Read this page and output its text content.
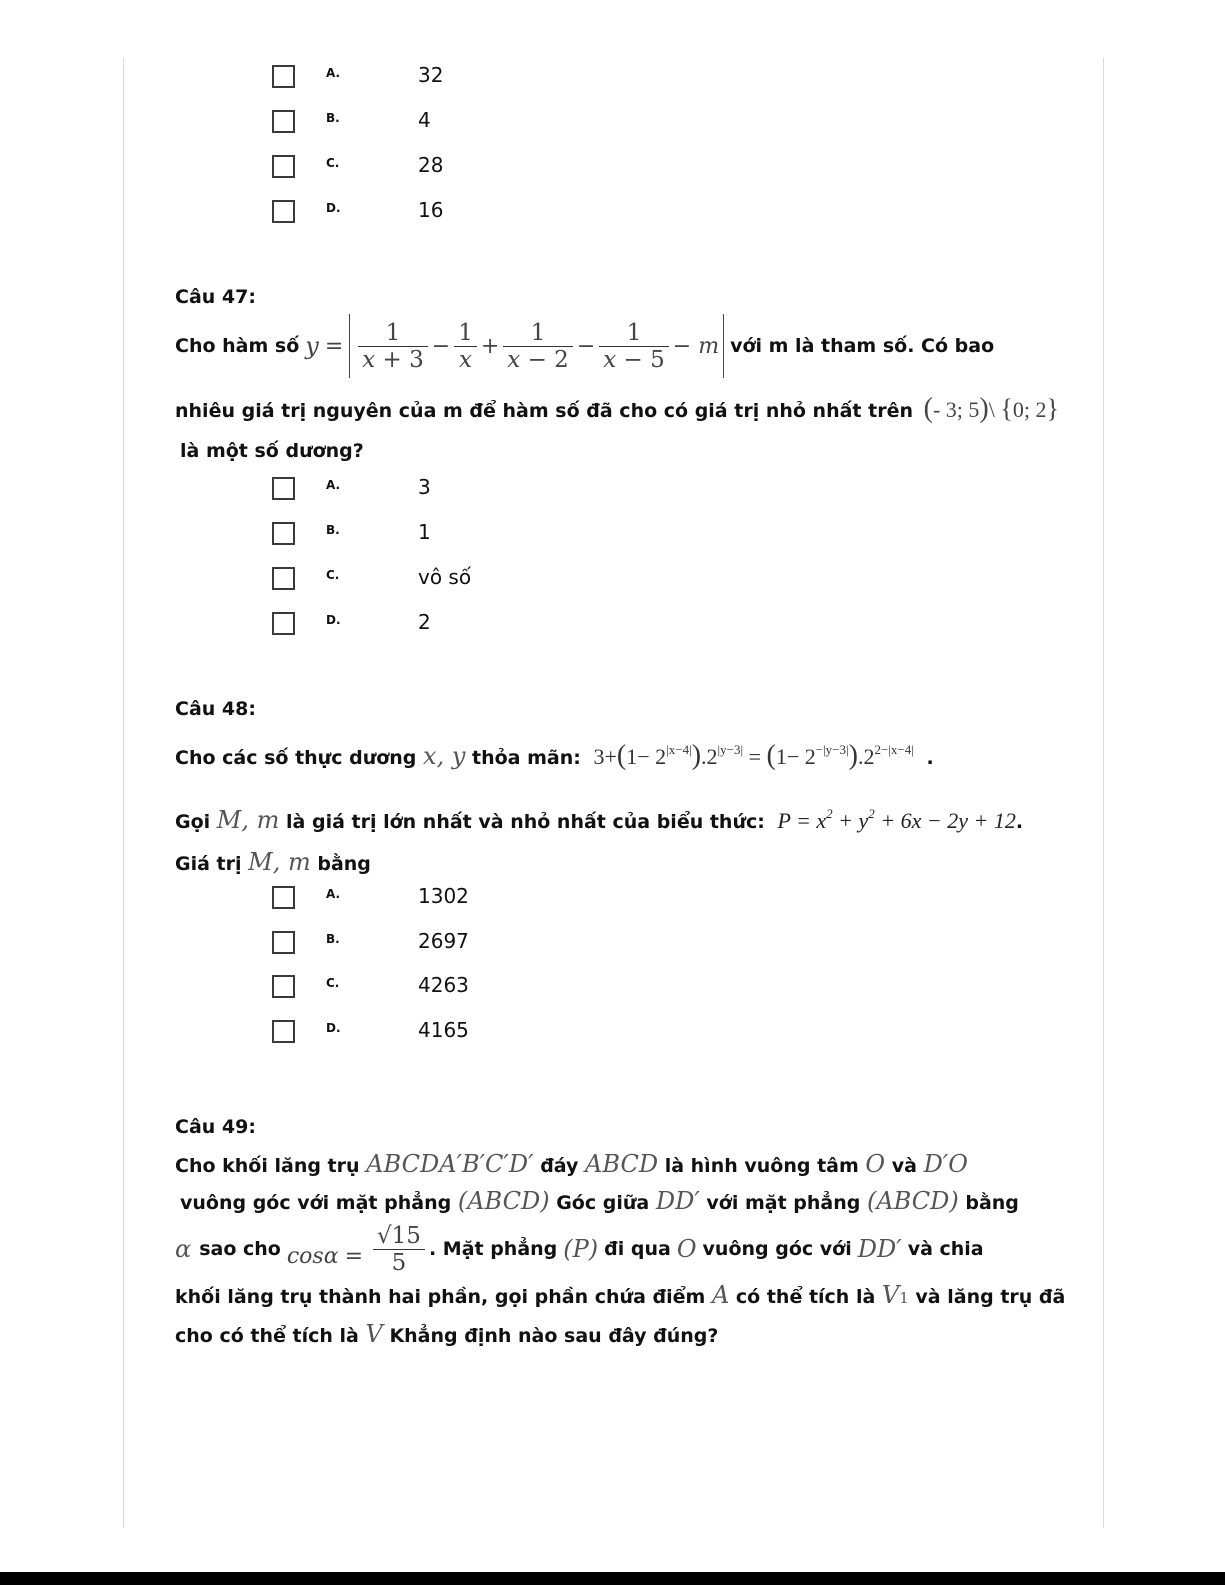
A.	32
B.	4
C.	28
D.	16
Câu 47:
Cho hàm số $y = \frac{1}{x + 3} - \frac{1}{x} + \frac{1}{x - 2} - \frac{1}{x - 5} - m$ với m là tham số. Có bao
nhiêu giá trị nguyên của m để hàm số đã cho có giá trị nhỏ nhất trên (- 3; 5)\ {0; 2}
là một số dương?
A.	3
B.	1
C.	vô số
D.	2
Câu 48:
Cho các số thực dương x, y thỏa mãn: $3+(1- 2^{|x-4|}).2^{|y-3|} = (1- 2^{-|y-3|}).2^{2-|x-4|}$ .
Gọi M, m là giá trị lớn nhất và nhỏ nhất của biểu thức: $P = x^2 + y^2 + 6x - 2y + 12$.
Giá trị M, m bằng
A.	1302
B.	2697
C.	4263
D.	4165
Câu 49:
Cho khối lăng trụ ABCDA′B′C′D′ đáy ABCD là hình vuông tâm O và D′O
vuông góc với mặt phẳng (ABCD) Góc giữa DD′ với mặt phẳng (ABCD) bằng
α sao cho $\cos\alpha = \frac{√15}{5}$ . Mặt phẳng (P) đi qua O vuông góc với DD′ và chia
khối lăng trụ thành hai phần, gọi phần chứa điểm A có thể tích là V1 và lăng trụ đã
cho có thể tích là V Khẳng định nào sau đây đúng?
